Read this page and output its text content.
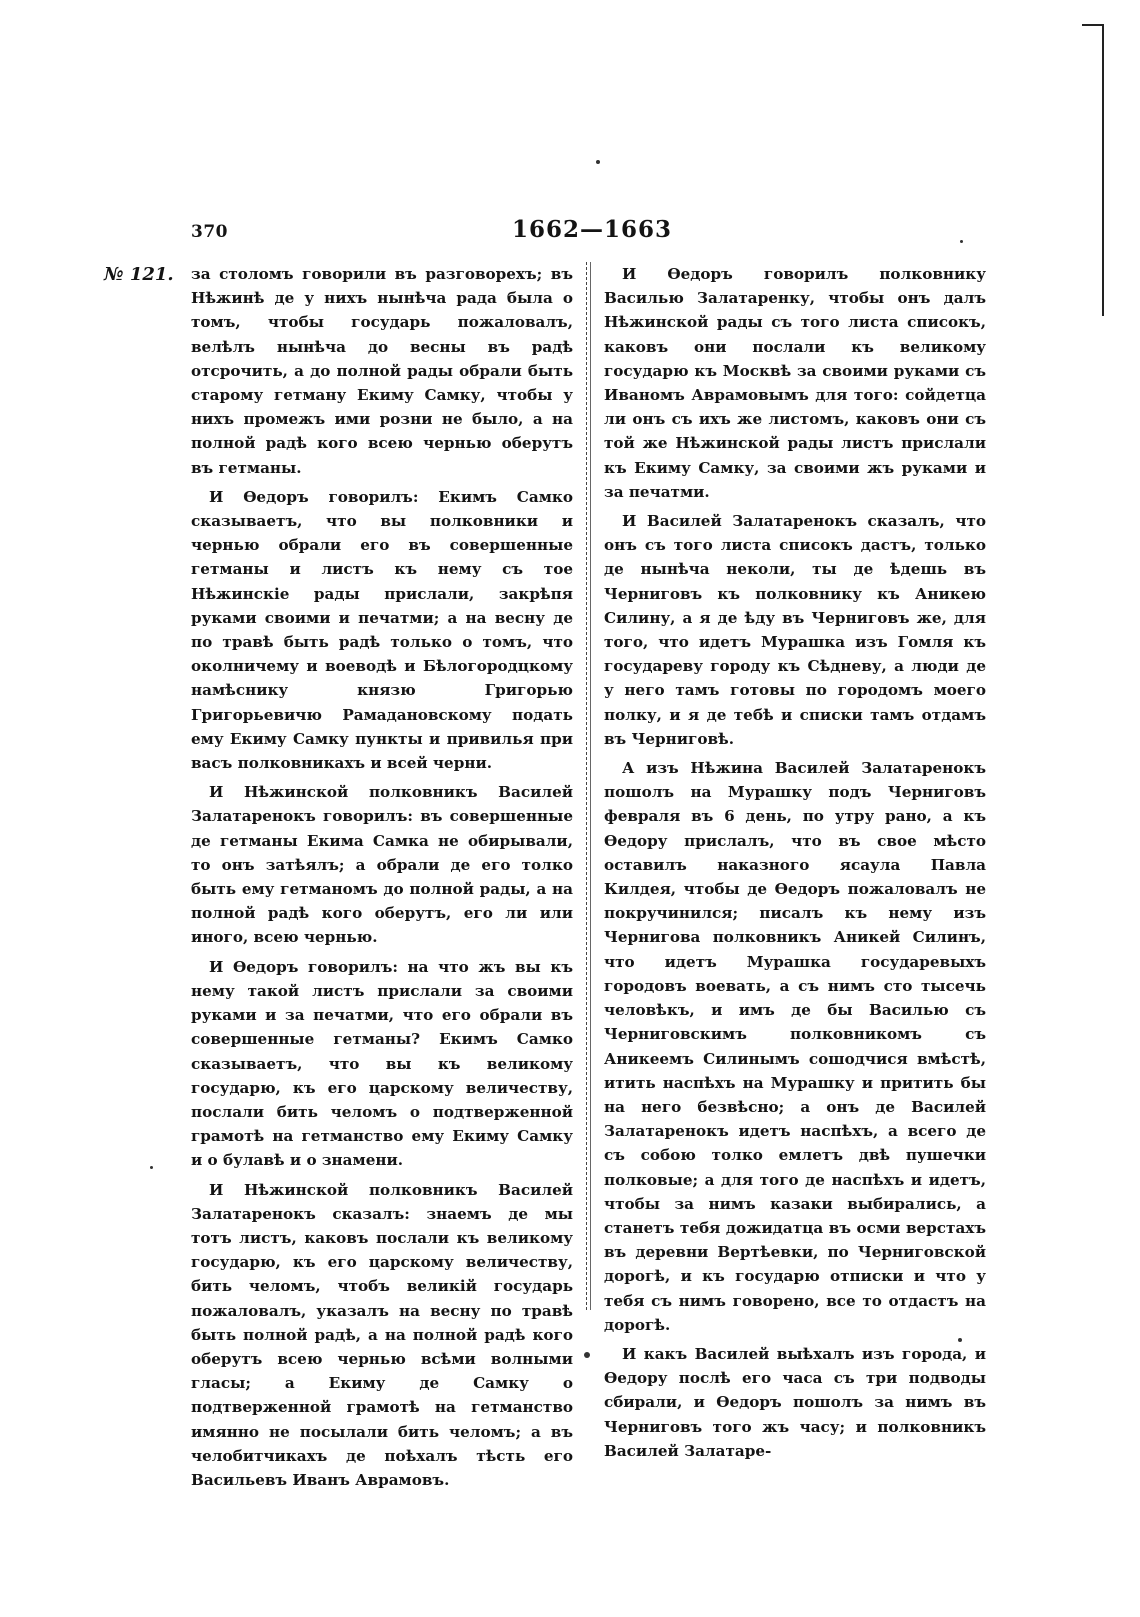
370	1662—1663
№ 121. за столомъ говорили въ разговорехъ; въ Нѣжинѣ де у нихъ нынѣча рада была о томъ, чтобы государь пожаловалъ, велѣлъ нынѣча до весны въ радѣ отсрочить, а до полной рады обрали быть старому гетману Екиму Самку, чтобы у нихъ промежъ ими розни не было, а на полной радѣ кого всею чернью оберутъ въ гетманы.

И Ѳедоръ говорилъ: Екимъ Самко сказываетъ, что вы полковники и чернью обрали его въ совершенные гетманы и листъ къ нему съ тое Нѣжинскіе рады прислали, закрѣпя руками своими и печатми; а на весну де по травѣ быть радѣ только о томъ, что околничему и воеводѣ и Бѣлогородцкому намѣснику князю Григорью Григорьевичю Рамадановскому подать ему Екиму Самку пункты и привилья при васъ полковникахъ и всей черни.

И Нѣжинской полковникъ Василей Залатаренокъ говорилъ: въ совершенные де гетманы Екима Самка не обирывали, то онъ затѣялъ; а обрали де его толко быть ему гетманомъ до полной рады, а на полной радѣ кого оберутъ, его ли или иного, всею чернью.

И Ѳедоръ говорилъ: на что жъ вы къ нему такой листъ прислали за своими руками и за печатми, что его обрали въ совершенные гетманы? Екимъ Самко сказываетъ, что вы къ великому государю, къ его царскому величеству, послали бить челомъ о подтверженной грамотѣ на гетманство ему Екиму Самку и о булавѣ и о знамени.

И Нѣжинской полковникъ Василей Залатаренокъ сказалъ: знаемъ де мы тотъ листъ, каковъ послали къ великому государю, къ его царскому величеству, бить челомъ, чтобъ великій государь пожаловалъ, указалъ на весну по травѣ быть полной радѣ, а на полной радѣ кого оберутъ всею чернью всѣми волными гласы; а Екиму де Самку о подтверженной грамотѣ на гетманство имянно не посылали бить челомъ; а въ челобитчикахъ де поѣхалъ тѣсть его Васильевъ Иванъ Аврамовъ.

И Ѳедоръ говорилъ полковнику Василью Залатаренку, чтобы онъ далъ Нѣжинской рады съ того листа списокъ, каковъ они послали къ великому государю къ Москвѣ за своими руками съ Иваномъ Аврамовымъ для того: сойдетца ли онъ съ ихъ же листомъ, каковъ они съ той же Нѣжинской рады листъ прислали къ Екиму Самку, за своими жъ руками и за печатми.

И Василей Залатаренокъ сказалъ, что онъ съ того листа списокъ дастъ, только де нынѣча неколи, ты де ѣдешь въ Черниговъ къ полковнику къ Аникею Силину, а я де ѣду въ Черниговъ же, для того, что идетъ Мурашка изъ Гомля къ государеву городу къ Сѣдневу, а люди де у него тамъ готовы по городомъ моего полку, и я де тебѣ и списки тамъ отдамъ въ Черниговѣ.

А изъ Нѣжина Василей Залатаренокъ пошолъ на Мурашку подъ Черниговъ февраля въ 6 день, по утру рано, а къ Ѳедору прислалъ, что въ свое мѣсто оставилъ наказного ясаула Павла Килдея, чтобы де Ѳедоръ пожаловалъ не покручинился; писалъ къ нему изъ Чернигова полковникъ Аникей Силинъ, что идетъ Мурашка государевыхъ городовъ воевать, а съ нимъ сто тысечь человѣкъ, и имъ де бы Василью съ Черниговскимъ полковникомъ съ Аникеемъ Силинымъ сошодчися вмѣстѣ, итить наспѣхъ на Мурашку и притить бы на него безвѣсно; а онъ де Василей Залатаренокъ идетъ наспѣхъ, а всего де съ собою толко емлетъ двѣ пушечки полковые; а для того де наспѣхъ и идетъ, чтобы за нимъ казаки выбирались, а станетъ тебя дожидатца въ осми верстахъ въ деревни Вертѣевки, по Черниговской дорогѣ, и къ государю отписки и что у тебя съ нимъ говорено, все то отдастъ на дорогѣ.

И какъ Василей выѣхалъ изъ города, и Ѳедору послѣ его часа съ три подводы сбирали, и Ѳедоръ пошолъ за нимъ въ Черниговъ того жъ часу; и полковникъ Василей Залатаре-
